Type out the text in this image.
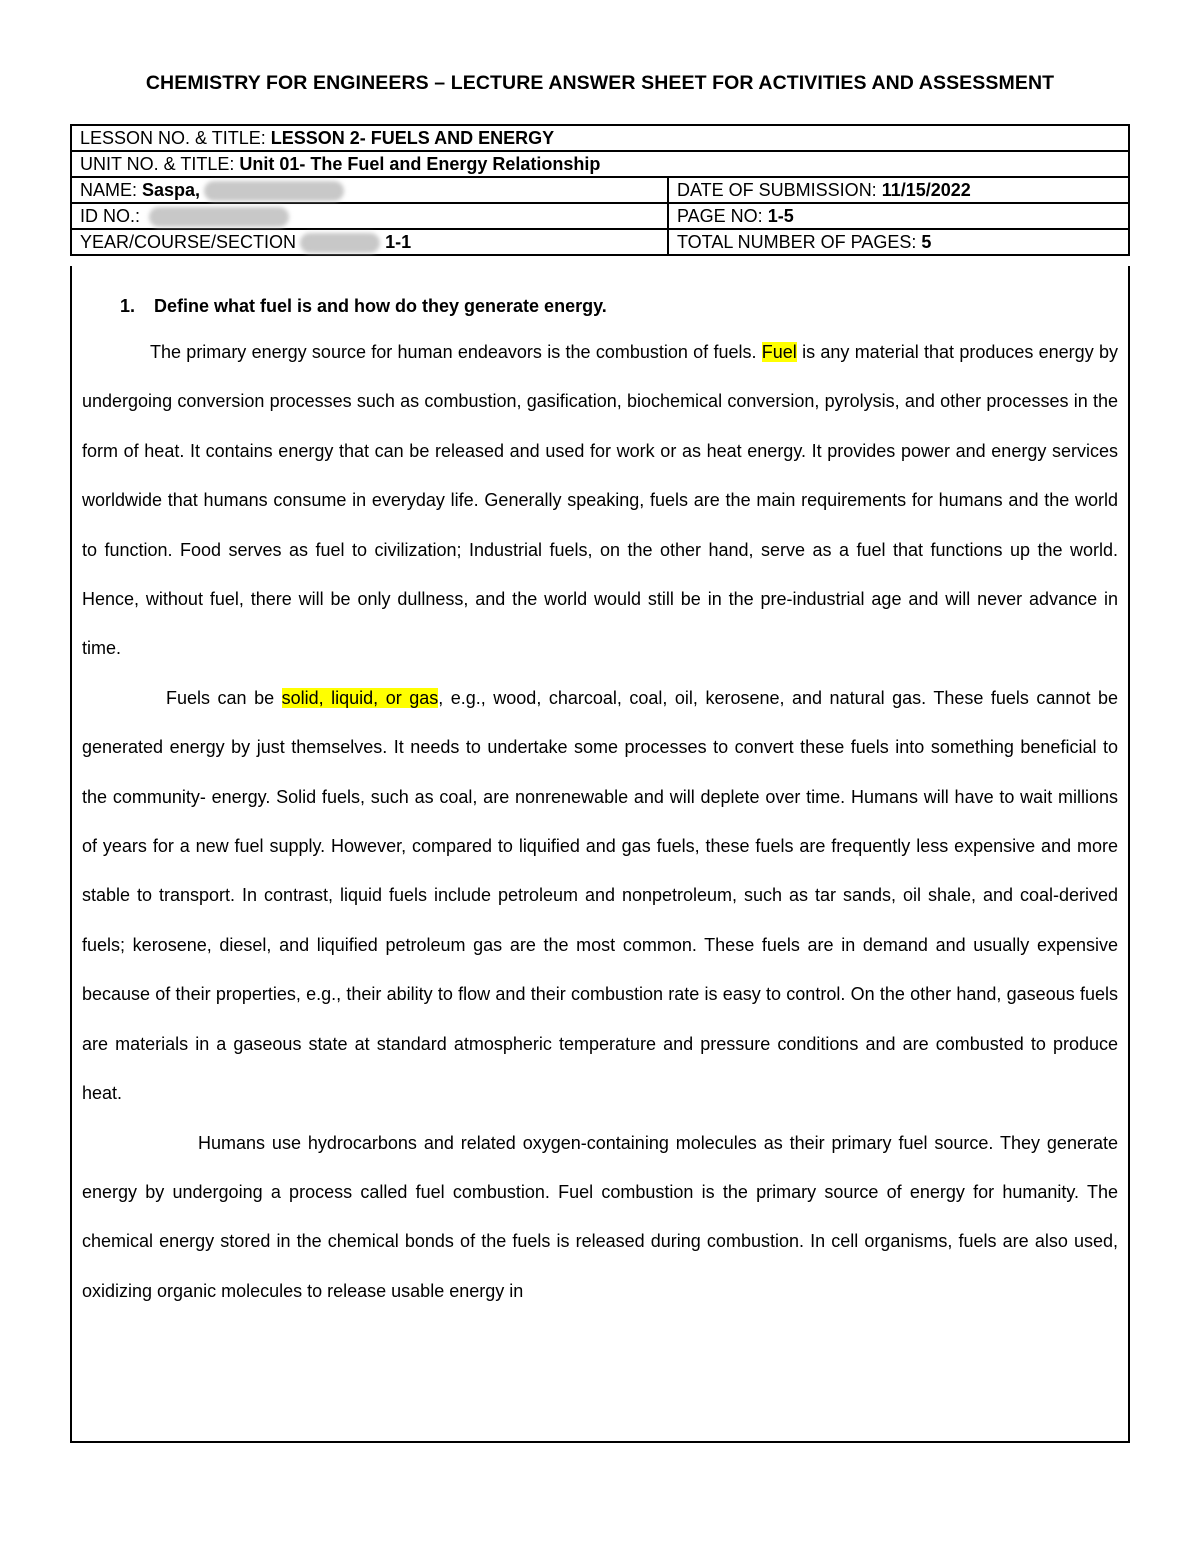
CHEMISTRY FOR ENGINEERS – LECTURE ANSWER SHEET FOR ACTIVITIES AND ASSESSMENT
LESSON NO. & TITLE: LESSON 2- FUELS AND ENERGY	
UNIT NO. & TITLE: Unit 01- The Fuel and Energy Relationship	
NAME: Saspa,	DATE OF SUBMISSION: 11/15/2022
ID NO.:	PAGE NO: 1-5
YEAR/COURSE/SECTION 1-1	TOTAL NUMBER OF PAGES: 5
1. Define what fuel is and how do they generate energy.

The primary energy source for human endeavors is the combustion of fuels. Fuel is any material that produces energy by undergoing conversion processes such as combustion, gasification, biochemical conversion, pyrolysis, and other processes in the form of heat. It contains energy that can be released and used for work or as heat energy. It provides power and energy services worldwide that humans consume in everyday life. Generally speaking, fuels are the main requirements for humans and the world to function. Food serves as fuel to civilization; Industrial fuels, on the other hand, serve as a fuel that functions up the world. Hence, without fuel, there will be only dullness, and the world would still be in the pre-industrial age and will never advance in time.

Fuels can be solid, liquid, or gas, e.g., wood, charcoal, coal, oil, kerosene, and natural gas. These fuels cannot be generated energy by just themselves. It needs to undertake some processes to convert these fuels into something beneficial to the community- energy. Solid fuels, such as coal, are nonrenewable and will deplete over time. Humans will have to wait millions of years for a new fuel supply. However, compared to liquified and gas fuels, these fuels are frequently less expensive and more stable to transport. In contrast, liquid fuels include petroleum and nonpetroleum, such as tar sands, oil shale, and coal-derived fuels; kerosene, diesel, and liquified petroleum gas are the most common. These fuels are in demand and usually expensive because of their properties, e.g., their ability to flow and their combustion rate is easy to control. On the other hand, gaseous fuels are materials in a gaseous state at standard atmospheric temperature and pressure conditions and are combusted to produce heat.

Humans use hydrocarbons and related oxygen-containing molecules as their primary fuel source. They generate energy by undergoing a process called fuel combustion. Fuel combustion is the primary source of energy for humanity. The chemical energy stored in the chemical bonds of the fuels is released during combustion. In cell organisms, fuels are also used, oxidizing organic molecules to release usable energy in
